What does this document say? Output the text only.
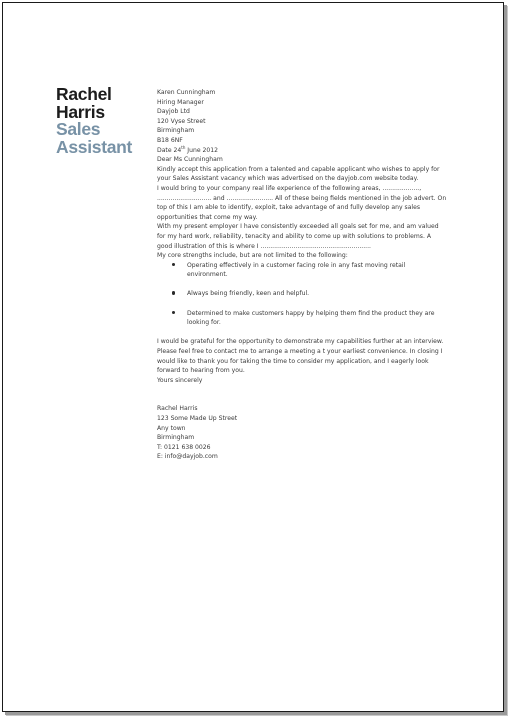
Rachel
Harris
Sales
Assistant

Karen Cunningham
Hiring Manager
Dayjob Ltd
120 Vyse Street
Birmingham
B18 6NF

Date 24th June 2012

Dear Ms Cunningham

Kindly accept this application from a talented and capable applicant who wishes to apply for your Sales Assistant vacancy which was advertised on the dayjob.com website today.

I would bring to your company real life experience of the following areas, ..................., ............................ and ........................ All of these being fields mentioned in the job advert. On top of this I am able to identify, exploit, take advantage of and fully develop any sales opportunities that come my way.

With my present employer I have consistently exceeded all goals set for me, and am valued for my hard work, reliability, tenacity and ability to come up with solutions to problems. A good illustration of this is where I .........................................................

My core strengths include, but are not limited to the following:

Operating effectively in a customer facing role in any fast moving retail environment.
Always being friendly, keen and helpful.
Determined to make customers happy by helping them find the product they are looking for.

I would be grateful for the opportunity to demonstrate my capabilities further at an interview. Please feel free to contact me to arrange a meeting a t your earliest convenience. In closing I would like to thank you for taking the time to consider my application, and I eagerly look forward to hearing from you.

Yours sincerely

Rachel Harris
123 Some Made Up Street
Any town
Birmingham
T: 0121 638 0026
E: info@dayjob.com
